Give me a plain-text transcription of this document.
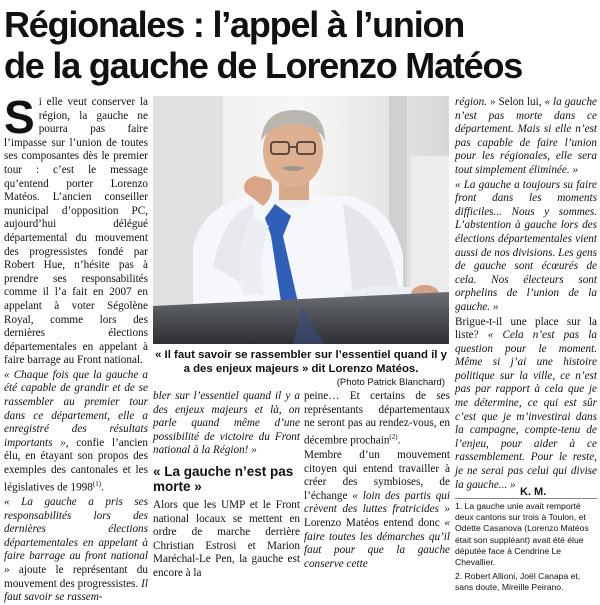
Régionales : l’appel à l’union
de la gauche de Lorenzo Matéos

Si elle veut conserver la région, la gauche ne pourra pas faire l’impasse sur l’union de toutes ses composantes dès le premier tour : c’est le message qu’entend porter Lorenzo Matéos. L’ancien conseiller municipal d’opposition PC, aujourd’hui délégué départemental du mouvement des progressistes fondé par Robert Hue, n’hésite pas à prendre ses responsabilités comme il l’a fait en 2007 en appelant à voter Ségolène Royal, comme lors des dernières élections départementales en appelant à faire barrage au Front national.

« Chaque fois que la gauche a été capable de grandir et de se rassembler au premier tour dans ce département, elle a enregistré des résultats importants », confie l’ancien élu, en étayant son propos des exemples des cantonales et les législatives de 1998$^{(1)}$.

« La gauche a pris ses responsabilités lors des dernières élections départementales en appelant à faire barrage au front national » ajoute le représentant du mouvement des progressistes. Il faut savoir se rassem-

« Il faut savoir se rassembler sur l’essentiel quand il y a des enjeux majeurs » dit Lorenzo Matéos.
(Photo Patrick Blanchard)

bler sur l’essentiel quand il y a des enjeux majeurs et là, on parle quand même d’une possibilité de victoire du Front national à la Région! »

« La gauche n’est pas morte »

Alors que les UMP et le Front national locaux se mettent en ordre de marche derrière Christian Estrosi et Marion Maréchal-Le Pen, la gauche est encore à la

peine… Et certains de ses représentants départementaux ne seront pas au rendez-vous, en décembre prochain$^{(2)}$.

Membre d’un mouvement citoyen qui entend travailler à créer des symbioses, de l’échange « loin des partis qui crèvent des luttes fratricides » Lorenzo Matéos entend donc « faire toutes les démarches qu’il faut pour que la gauche conserve cette

région. » Selon lui, « la gauche n’est pas morte dans ce département. Mais si elle n’est pas capable de faire l’union pour les régionales, elle sera tout simplement éliminée. »

« La gauche a toujours su faire front dans les moments difficiles... Nous y sommes. L’abstention à gauche lors des élections départementales vient aussi de nos divisions. Les gens de gauche sont écœurés de cela. Nos électeurs sont orphelins de l’union de la gauche. »

Brigue-t-il une place sur la liste? « Cela n’est pas la question pour le moment. Même si j’ai une histoire politique sur la ville, ce n’est pas par rapport à cela que je me détermine, ce qui est sûr c’est que je m’investirai dans la campagne, compte-tenu de l’enjeu, pour aider à ce rassemblement. Pour le reste, je ne serai pas celui qui divise la gauche... »

K. M.
1. La gauche unie avait remporté deux cantons sur trois à Toulon, et Odette Casanova (Lorenzo Matéos était son suppléant) avait été élue députée face à Cendrine Le Chevallier.
2. Robert Allioni, Joël Canapa et, sans doute, Mireille Peirano.
